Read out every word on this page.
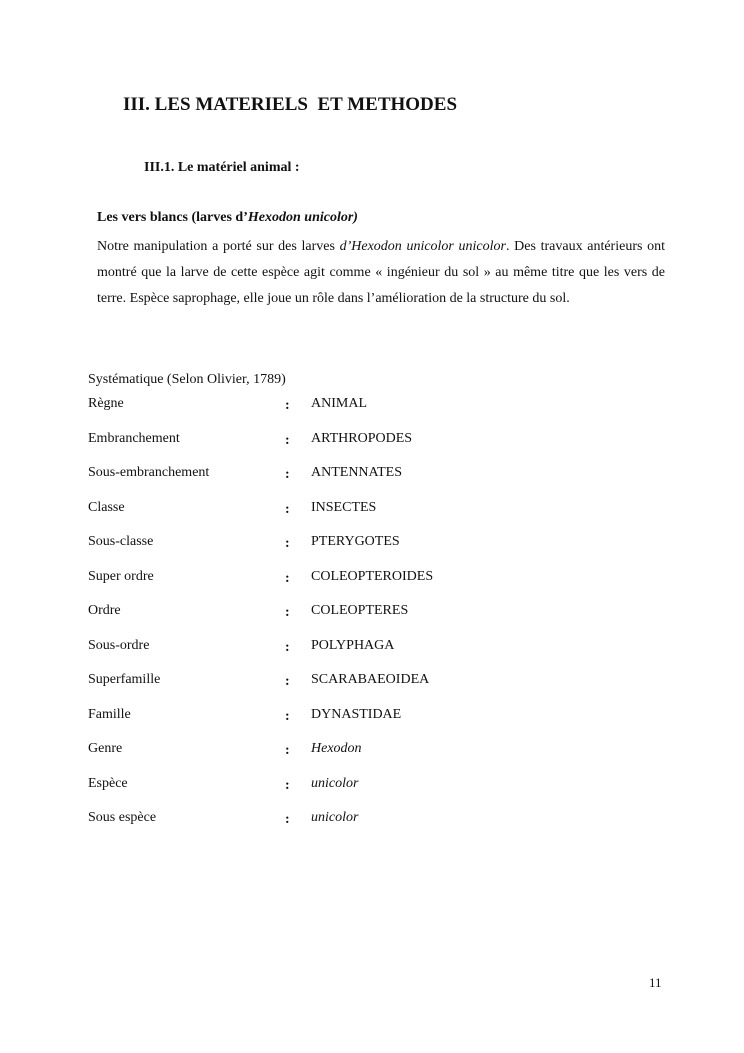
III. LES MATERIELS  ET METHODES
III.1. Le matériel animal :
Les vers blancs (larves d’Hexodon unicolor)
Notre manipulation a porté sur des larves d’Hexodon unicolor unicolor. Des travaux antérieurs ont montré que la larve de cette espèce agit comme « ingénieur du sol » au même titre que les vers de terre. Espèce saprophage, elle joue un rôle dans l’amélioration de la structure du sol.
Systématique (Selon Olivier, 1789)
Règne	: ANIMAL
Embranchement	: ARTHROPODES
Sous-embranchement	: ANTENNATES
Classe	: INSECTES
Sous-classe	: PTERYGOTES
Super ordre	: COLEOPTEROIDES
Ordre	: COLEOPTERES
Sous-ordre	: POLYPHAGA
Superfamille	: SCARABAEOIDEA
Famille	: DYNASTIDAE
Genre	: Hexodon
Espèce	: unicolor
Sous espèce	: unicolor
11
